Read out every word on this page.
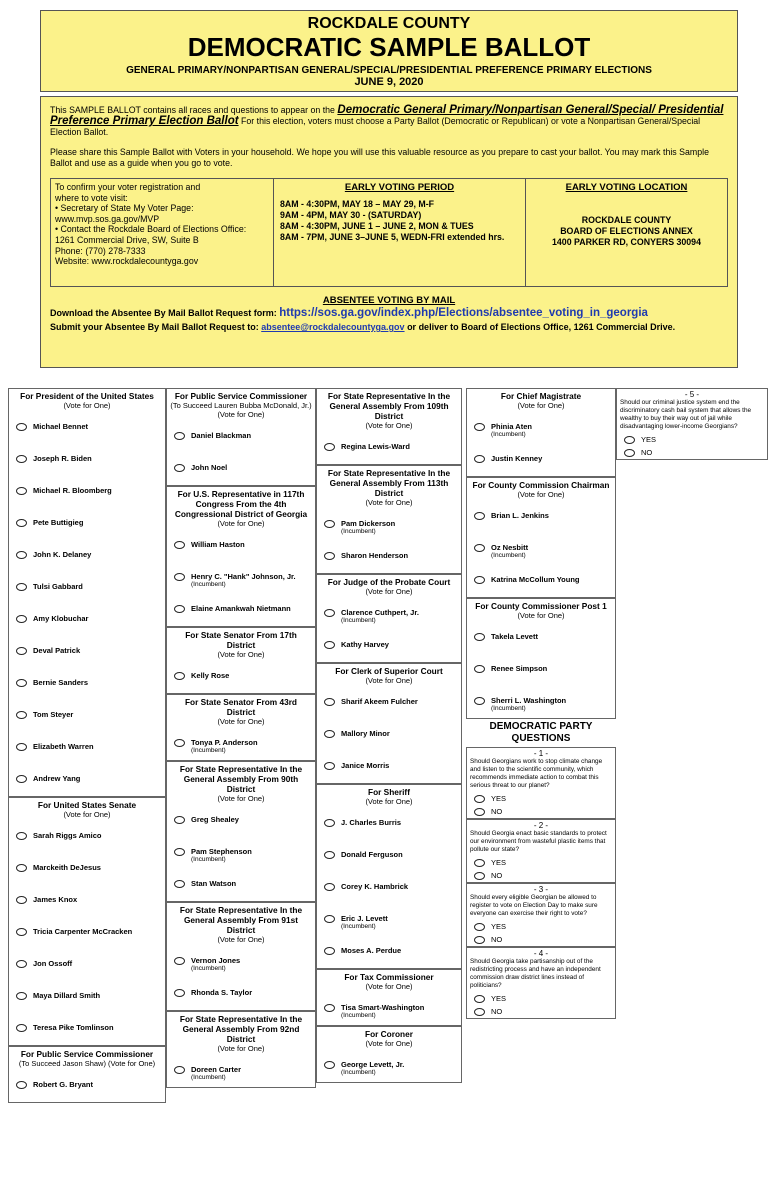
ROCKDALE COUNTY
DEMOCRATIC SAMPLE BALLOT
GENERAL PRIMARY/NONPARTISAN GENERAL/SPECIAL/PRESIDENTIAL PREFERENCE PRIMARY ELECTIONS
JUNE 9, 2020

This SAMPLE BALLOT contains all races and questions to appear on the Democratic General Primary/Nonpartisan General/Special/ Presidential Preference Primary Election Ballot For this election, voters must choose a Party Ballot (Democratic or Republican) or vote a Nonpartisan General/Special Election Ballot.

Please share this Sample Ballot with Voters in your household. We hope you will use this valuable resource as you prepare to cast your ballot. You may mark this Sample Ballot and use as a guide when you go to vote.

To confirm your voter registration and
where to vote visit:
• Secretary of State My Voter Page:
www.mvp.sos.ga.gov/MVP
• Contact the Rockdale Board of Elections Office:
1261 Commercial Drive, SW, Suite B
Phone: (770) 278-7333
Website: www.rockdalecountyga.gov
EARLY VOTING PERIOD
8AM - 4:30PM, MAY 18 – MAY 29, M-F
9AM - 4PM, MAY 30 - (SATURDAY)
8AM - 4:30PM, JUNE 1 – JUNE 2, MON & TUES
8AM - 7PM, JUNE 3–JUNE 5, WEDN-FRI extended hrs.
EARLY VOTING LOCATION
ROCKDALE COUNTY
BOARD OF ELECTIONS ANNEX
1400 PARKER RD, CONYERS 30094
ABSENTEE VOTING BY MAIL
Download the Absentee By Mail Ballot Request form: https://sos.ga.gov/index.php/Elections/absentee_voting_in_georgia
Submit your Absentee By Mail Ballot Request to: absentee@rockdalecountyga.gov or deliver to Board of Elections Office, 1261 Commercial Drive.
For President of the United States
(Vote for One)
Michael Bennet
Joseph R. Biden
Michael R. Bloomberg
Pete Buttigieg
John K. Delaney
Tulsi Gabbard
Amy Klobuchar
Deval Patrick
Bernie Sanders
Tom Steyer
Elizabeth Warren
Andrew Yang
For United States Senate
(Vote for One)
Sarah Riggs Amico
Marckeith DeJesus
James Knox
Tricia Carpenter McCracken
Jon Ossoff
Maya Dillard Smith
Teresa Pike Tomlinson
For Public Service Commissioner
(To Succeed Jason Shaw) (Vote for One)
Robert G. Bryant
For Public Service Commissioner
(To Succeed Lauren Bubba McDonald, Jr.) (Vote for One)
Daniel Blackman
John Noel
For U.S. Representative in 117th Congress From the 4th Congressional District of Georgia
(Vote for One)
William Haston
Henry C. "Hank" Johnson, Jr.
(Incumbent)
Elaine Amankwah Nietmann
For State Senator From 17th District
(Vote for One)
Kelly Rose
For State Senator From 43rd District
(Vote for One)
Tonya P. Anderson
(Incumbent)
For State Representative In the General Assembly From 90th District
(Vote for One)
Greg Shealey
Pam Stephenson
(Incumbent)
Stan Watson
For State Representative In the General Assembly From 91st District
(Vote for One)
Vernon Jones
(Incumbent)
Rhonda S. Taylor
For State Representative In the General Assembly From 92nd District
(Vote for One)
Doreen Carter
(Incumbent)
For State Representative In the General Assembly From 109th District
(Vote for One)
Regina Lewis-Ward
For State Representative In the General Assembly From 113th District
(Vote for One)
Pam Dickerson
(Incumbent)
Sharon Henderson
For Judge of the Probate Court
(Vote for One)
Clarence Cuthpert, Jr.
(Incumbent)
Kathy Harvey
For Clerk of Superior Court
(Vote for One)
Sharif Akeem Fulcher
Mallory Minor
Janice Morris
For Sheriff
(Vote for One)
J. Charles Burris
Donald Ferguson
Corey K. Hambrick
Eric J. Levett
(Incumbent)
Moses A. Perdue
For Tax Commissioner
(Vote for One)
Tisa Smart-Washington
(Incumbent)
For Coroner
(Vote for One)
George Levett, Jr.
(Incumbent)
For Chief Magistrate
(Vote for One)
Phinia Aten
(Incumbent)
Justin Kenney
For County Commission Chairman
(Vote for One)
Brian L. Jenkins
Oz Nesbitt
(Incumbent)
Katrina McCollum Young
For County Commissioner Post 1
(Vote for One)
Takela Levett
Renee Simpson
Sherri L. Washington
(Incumbent)
DEMOCRATIC PARTY QUESTIONS
- 1 -
Should Georgians work to stop climate change and listen to the scientific community, which recommends immediate action to combat this serious threat to our planet?
YES
NO
- 2 -
Should Georgia enact basic standards to protect our environment from wasteful plastic items that pollute our state?
YES
NO
- 3 -
Should every eligible Georgian be allowed to register to vote on Election Day to make sure everyone can exercise their right to vote?
YES
NO
- 4 -
Should Georgia take partisanship out of the redistricting process and have an independent commission draw district lines instead of politicians?
YES
NO
- 5 -
Should our criminal justice system end the discriminatory cash bail system that allows the wealthy to buy their way out of jail while disadvantaging lower-income Georgians?
YES
NO
